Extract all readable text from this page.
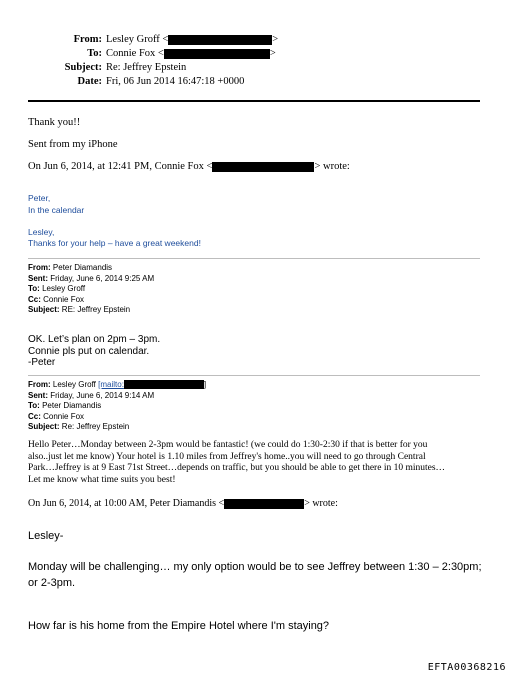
From: Lesley Groff <	>
To: Connie Fox <	>
Subject: Re: Jeffrey Epstein
Date: Fri, 06 Jun 2014 16:47:18 +0000
Thank you!!
Sent from my iPhone
On Jun 6, 2014, at 12:41 PM, Connie Fox <	> wrote:
Peter,
In the calendar
Lesley,
Thanks for your help – have a great weekend!
From: Peter Diamandis
Sent: Friday, June 6, 2014 9:25 AM
To: Lesley Groff
Cc: Connie Fox
Subject: RE: Jeffrey Epstein
OK. Let’s plan on 2pm – 3pm.
Connie pls put on calendar.
-Peter
From: Lesley Groff [mailto:	]
Sent: Friday, June 6, 2014 9:14 AM
To: Peter Diamandis
Cc: Connie Fox
Subject: Re: Jeffrey Epstein
Hello Peter…Monday between 2-3pm would be fantastic! (we could do 1:30-2:30 if that is better for you
also..just let me know) Your hotel is 1.10 miles from Jeffrey's home..you will need to go through Central
Park…Jeffrey is at 9 East 71st Street…depends on traffic, but you should be able to get there in 10 minutes…
Let me know what time suits you best!
On Jun 6, 2014, at 10:00 AM, Peter Diamandis <	> wrote:
Lesley-
Monday will be challenging… my only option would be to see Jeffrey between 1:30 – 2:30pm;
or 2-3pm.
How far is his home from the Empire Hotel where I'm staying?
EFTA00368216
